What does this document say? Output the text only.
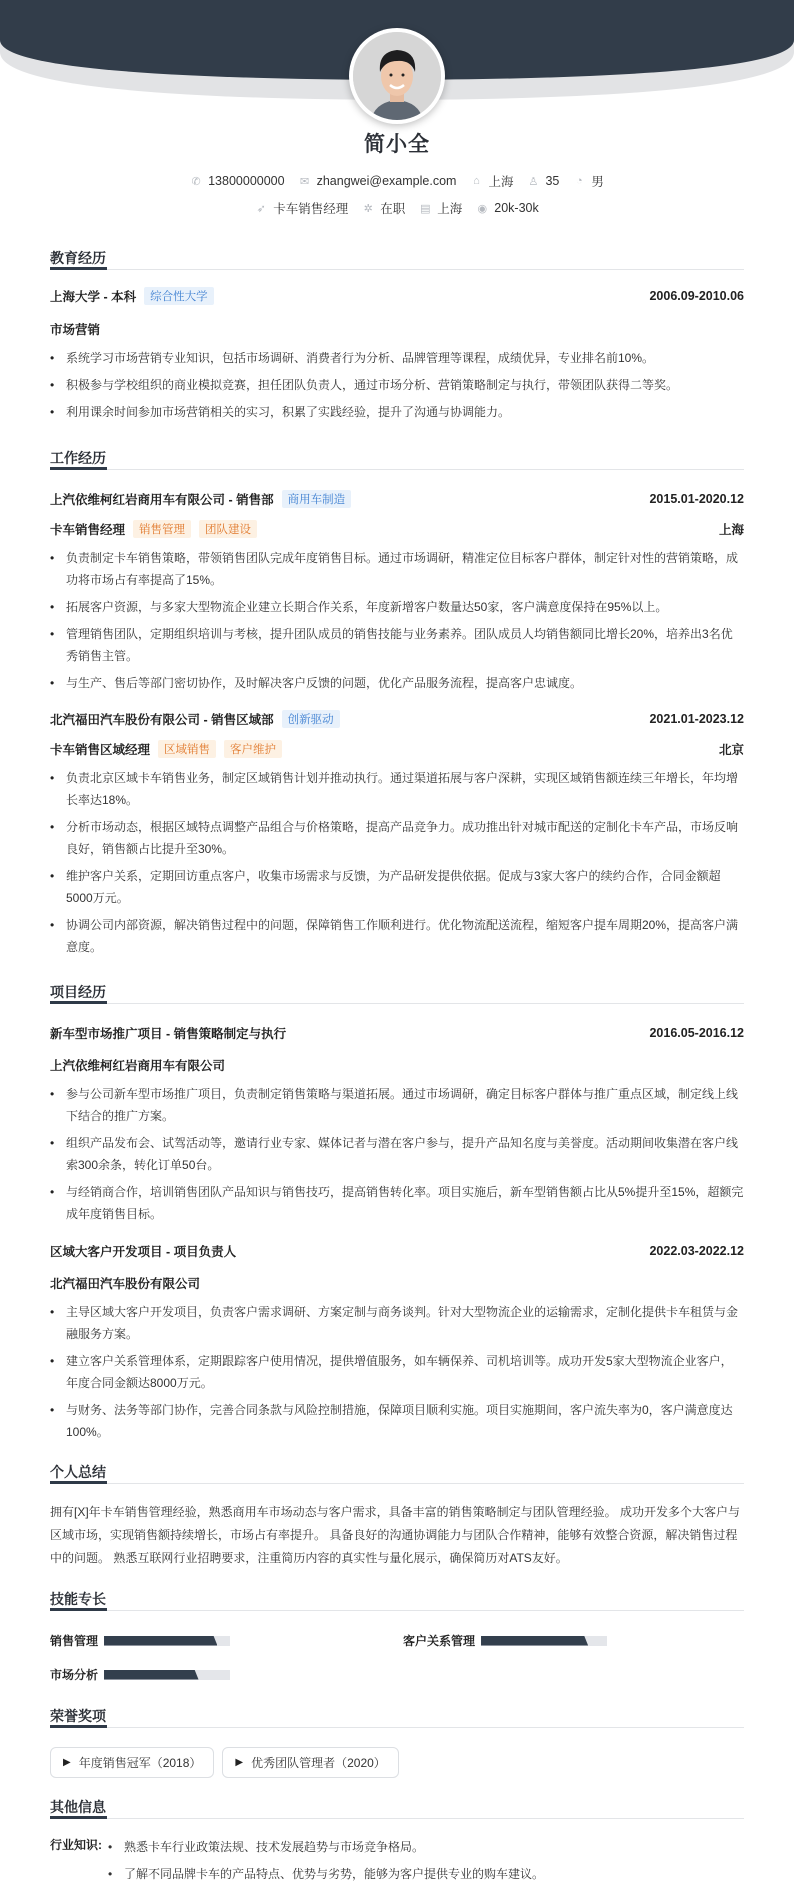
简小全
✆ 13800000000 ✉ zhangwei@example.com ⌂ 上海 ♙ 35 ◔ 男
➶ 卡车销售经理 ✲ 在职 ▤ 上海 ◉ 20k-30k
教育经历
上海大学 - 本科	综合性大学	2006.09-2010.06
市场营销
• 系统学习市场营销专业知识，包括市场调研、消费者行为分析、品牌管理等课程，成绩优异，专业排名前10%。
• 积极参与学校组织的商业模拟竞赛，担任团队负责人，通过市场分析、营销策略制定与执行，带领团队获得二等奖。
• 利用课余时间参加市场营销相关的实习，积累了实践经验，提升了沟通与协调能力。
工作经历
上汽依维柯红岩商用车有限公司 - 销售部	商用车制造	2015.01-2020.12
卡车销售经理	销售管理	团队建设	上海
• 负责制定卡车销售策略，带领销售团队完成年度销售目标。通过市场调研，精准定位目标客户群体，制定针对性的营销策略，成功将市场占有率提高了15%。
• 拓展客户资源，与多家大型物流企业建立长期合作关系，年度新增客户数量达50家，客户满意度保持在95%以上。
• 管理销售团队，定期组织培训与考核，提升团队成员的销售技能与业务素养。团队成员人均销售额同比增长20%，培养出3名优秀销售主管。
• 与生产、售后等部门密切协作，及时解决客户反馈的问题，优化产品服务流程，提高客户忠诚度。
北汽福田汽车股份有限公司 - 销售区域部	创新驱动	2021.01-2023.12
卡车销售区域经理	区域销售	客户维护	北京
• 负责北京区域卡车销售业务，制定区域销售计划并推动执行。通过渠道拓展与客户深耕，实现区域销售额连续三年增长，年均增长率达18%。
• 分析市场动态，根据区域特点调整产品组合与价格策略，提高产品竞争力。成功推出针对城市配送的定制化卡车产品，市场反响良好，销售额占比提升至30%。
• 维护客户关系，定期回访重点客户，收集市场需求与反馈，为产品研发提供依据。促成与3家大客户的续约合作，合同金额超5000万元。
• 协调公司内部资源，解决销售过程中的问题，保障销售工作顺利进行。优化物流配送流程，缩短客户提车周期20%，提高客户满意度。
项目经历
新车型市场推广项目 - 销售策略制定与执行	2016.05-2016.12
上汽依维柯红岩商用车有限公司
• 参与公司新车型市场推广项目，负责制定销售策略与渠道拓展。通过市场调研，确定目标客户群体与推广重点区域，制定线上线下结合的推广方案。
• 组织产品发布会、试驾活动等，邀请行业专家、媒体记者与潜在客户参与，提升产品知名度与美誉度。活动期间收集潜在客户线索300余条，转化订单50台。
• 与经销商合作，培训销售团队产品知识与销售技巧，提高销售转化率。项目实施后，新车型销售额占比从5%提升至15%，超额完成年度销售目标。
区域大客户开发项目 - 项目负责人	2022.03-2022.12
北汽福田汽车股份有限公司
• 主导区域大客户开发项目，负责客户需求调研、方案定制与商务谈判。针对大型物流企业的运输需求，定制化提供卡车租赁与金融服务方案。
• 建立客户关系管理体系，定期跟踪客户使用情况，提供增值服务，如车辆保养、司机培训等。成功开发5家大型物流企业客户，年度合同金额达8000万元。
• 与财务、法务等部门协作，完善合同条款与风险控制措施，保障项目顺利实施。项目实施期间，客户流失率为0，客户满意度达100%。
个人总结
拥有[X]年卡车销售管理经验，熟悉商用车市场动态与客户需求，具备丰富的销售策略制定与团队管理经验。 成功开发多个大客户与区域市场，实现销售额持续增长，市场占有率提升。 具备良好的沟通协调能力与团队合作精神，能够有效整合资源，解决销售过程中的问题。 熟悉互联网行业招聘要求，注重简历内容的真实性与量化展示，确保简历对ATS友好。
技能专长
销售管理	客户关系管理
市场分析
荣誉奖项
▶ 年度销售冠军（2018）	▶ 优秀团队管理者（2020）
其他信息
行业知识:	• 熟悉卡车行业政策法规、技术发展趋势与市场竞争格局。
• 了解不同品牌卡车的产品特点、优势与劣势，能够为客户提供专业的购车建议。
